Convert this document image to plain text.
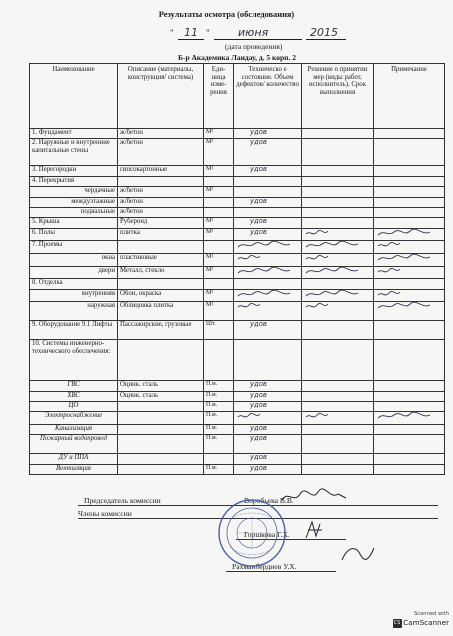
Результаты осмотра (обследования)
" 11 "	июня	2015
(дата проведения)
Б-р Академика Ландау, д. 5 корп. 2
Наименование	Описание (материалы, конструкция/ система)	Еди- ница изме- рения	Техническо е состояние. Объем дефектов/ количество	Решение о принятии мер (виды работ, исполнитель). Срок выполнения	Примечание
1. Фундамент	ж/бетон	М²	удов		
2. Наружные и внутренние капитальные стены	ж/бетон	М²	удов		
3. Перегородки	гипсокартонные	М²	удов		
4. Перекрытия					
чердачные	ж/бетон	М²			
междуэтажные	ж/бетон		удов		
подвальные	ж/бетон				
5. Крыша	Рубероид	М²	удов		
6. Полы	плитка	М²	удов		
7. Проемы					
окна	пластиковые	М²			
двери	Металл, стекло	М²			
8. Отделка					
внутренняя	Обои, окраска	М²			
наружная	Облицовка плитка	М²			
9. Оборудование 9.1 Лифты	Пассажирские, грузовые	Шт.	удов		
10. Системы инженерно- технического обеспечения:					
ГВС	Оцинк. сталь	П.м.	удов		
ХВС	Оцинк. сталь	П.м.	удов		
ЦО		П.м.	удов		
Электроснабжение		П.м.			
Канализация		П.м.	удов		
Пожарный водопровод		П.м.	удов		
ДУ и ППА			удов		
Вентиляция		П.м.	удов		
Председатель комиссии	Воробьева В.В.
Члены комиссии
Горшкова Г.Х.
Рахманбердиев У.Х.
Scanned with
CS CamScanner
